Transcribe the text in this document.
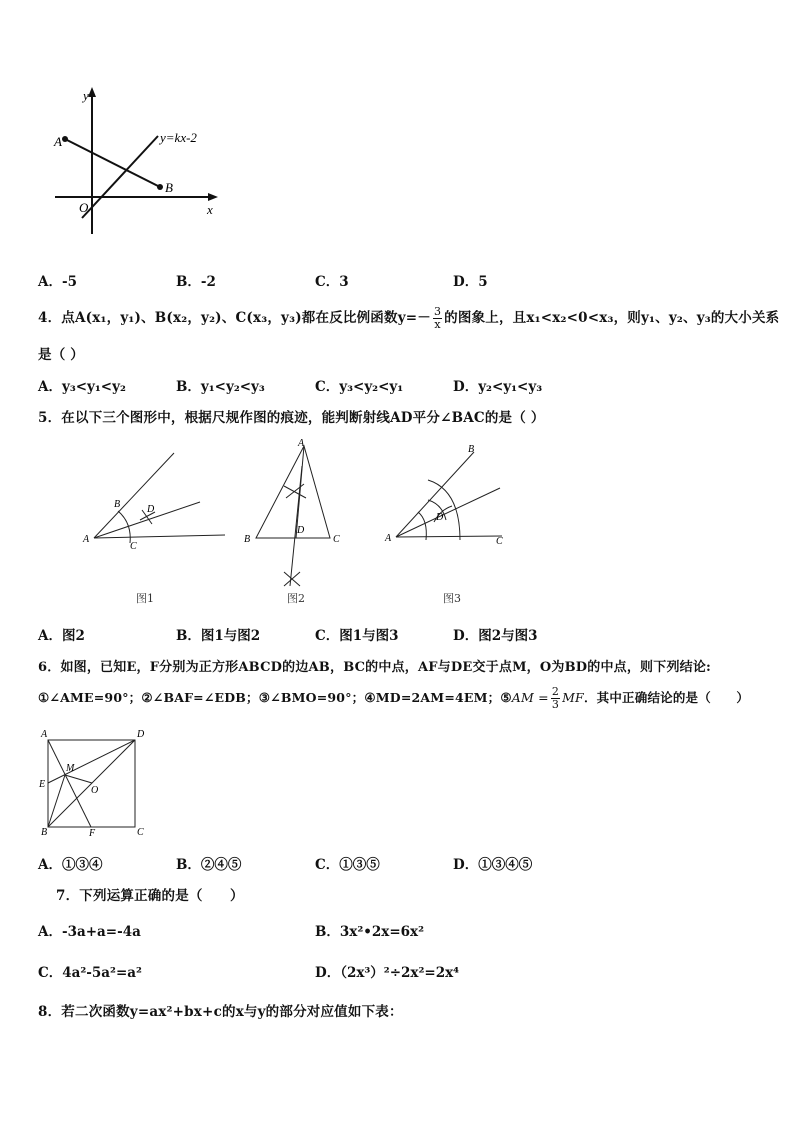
y
x
O
A
B
y=kx-2
A．-5	B．-2	C．3	D．5
4．点A(x₁，y₁)、B(x₂，y₂)、C(x₃，y₃)都在反比例函数$y=- \frac{3}{x}$ 的图象上，且x₁<x₂<0<x₃，则y₁、y₂、y₃的大小关系
是（ ）
A．y₃<y₁<y₂	B．y₁<y₂<y₃	C．y₃<y₂<y₁	D．y₂<y₁<y₃
5．在以下三个图形中，根据尺规作图的痕迹，能判断射线AD平分∠BAC的是（ ）
A
B
C
D
图1
A
B	C
D
图2
A
B
C
D
图3
A．图2	B．图1与图2	C．图1与图3	D．图2与图3
6．如图，已知E，F分别为正方形ABCD的边AB，BC的中点，AF与DE交于点M，O为BD的中点，则下列结论:
①∠AME=90°；②∠BAF=∠EDB；③∠BMO=90°；④MD=2AM=4EM；⑤AM = $\frac{2}{3}$ MF．其中正确结论的是（　　）
A	D
B	C
E
F
M
O
A．①③④	B．②④⑤	C．①③⑤	D．①③④⑤
7．下列运算正确的是（　　）
A．-3a+a=-4a	B．3x²•2x=6x²
C．4a²-5a²=a²	D．（2x³）²÷2x²=2x⁴
8．若二次函数y=ax²+bx+c的x与y的部分对应值如下表：
